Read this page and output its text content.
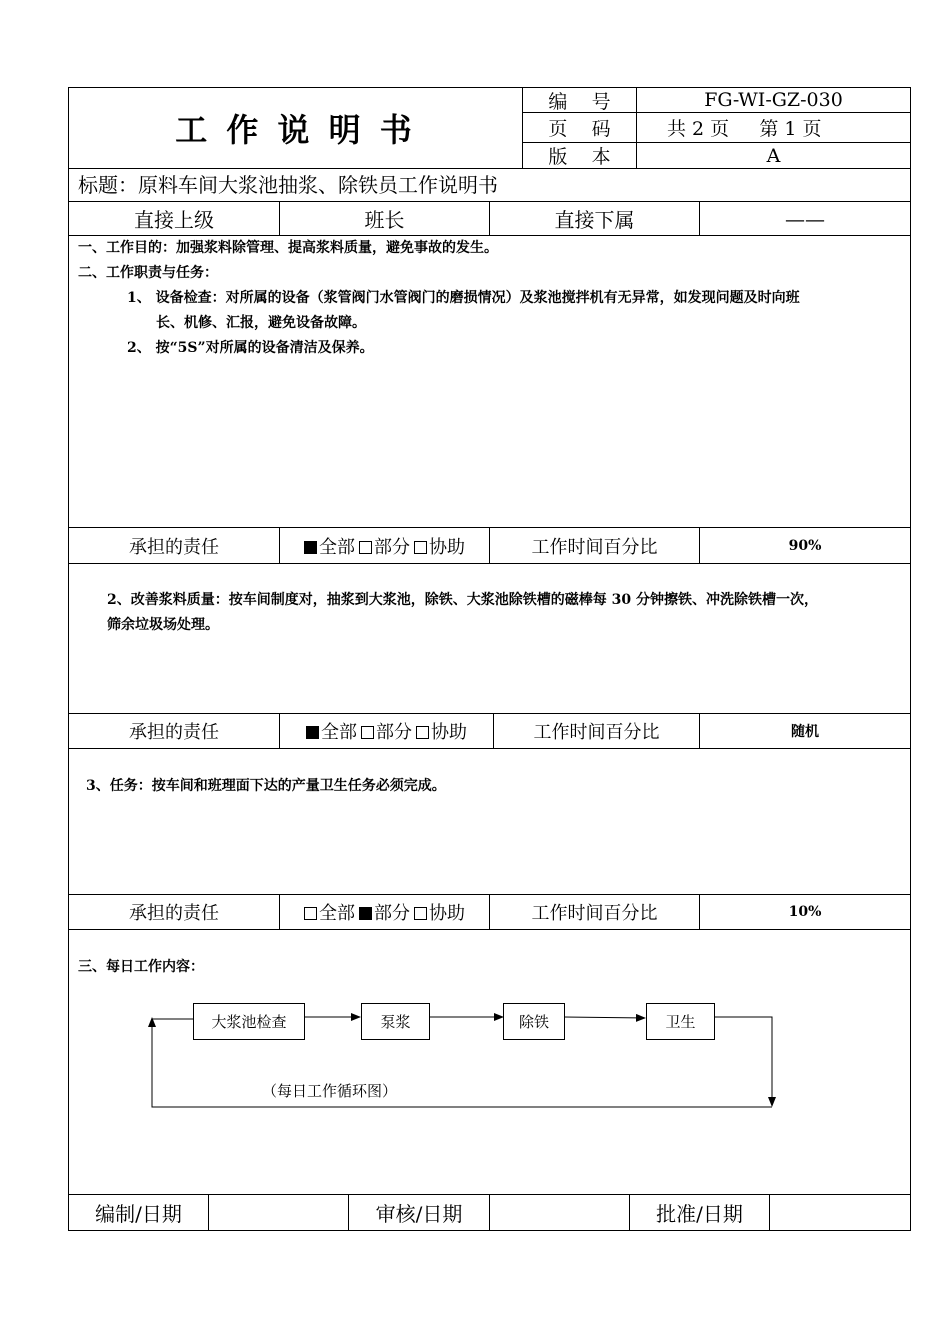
工 作 说 明 书
编    号	FG-WI-GZ-030
页    码	共 2 页     第 1 页
版    本	A
标题：原料车间大浆池抽浆、除铁员工作说明书
直接上级	班长	直接下属	——
一、工作目的：加强浆料除管理、提高浆料质量，避免事故的发生。
二、工作职责与任务：
1、 设备检查：对所属的设备（浆管阀门水管阀门的磨损情况）及浆池搅拌机有无异常，如发现问题及时向班
长、机修、汇报，避免设备故障。
2、 按“5S”对所属的设备清洁及保养。
承担的责任	全部	部分	协助	工作时间百分比	90%
2、改善浆料质量：按车间制度对，抽浆到大浆池，除铁、大浆池除铁槽的磁棒每 30 分钟擦铁、冲洗除铁槽一次，
筛余垃圾场处理。
承担的责任	全部	部分	协助	工作时间百分比	随机
3、任务：按车间和班理面下达的产量卫生任务必须完成。
承担的责任	全部	部分	协助	工作时间百分比	10%
三、每日工作内容：
大浆池检查	泵浆	除铁	卫生
（每日工作循环图）
编制/日期	审核/日期	批准/日期
